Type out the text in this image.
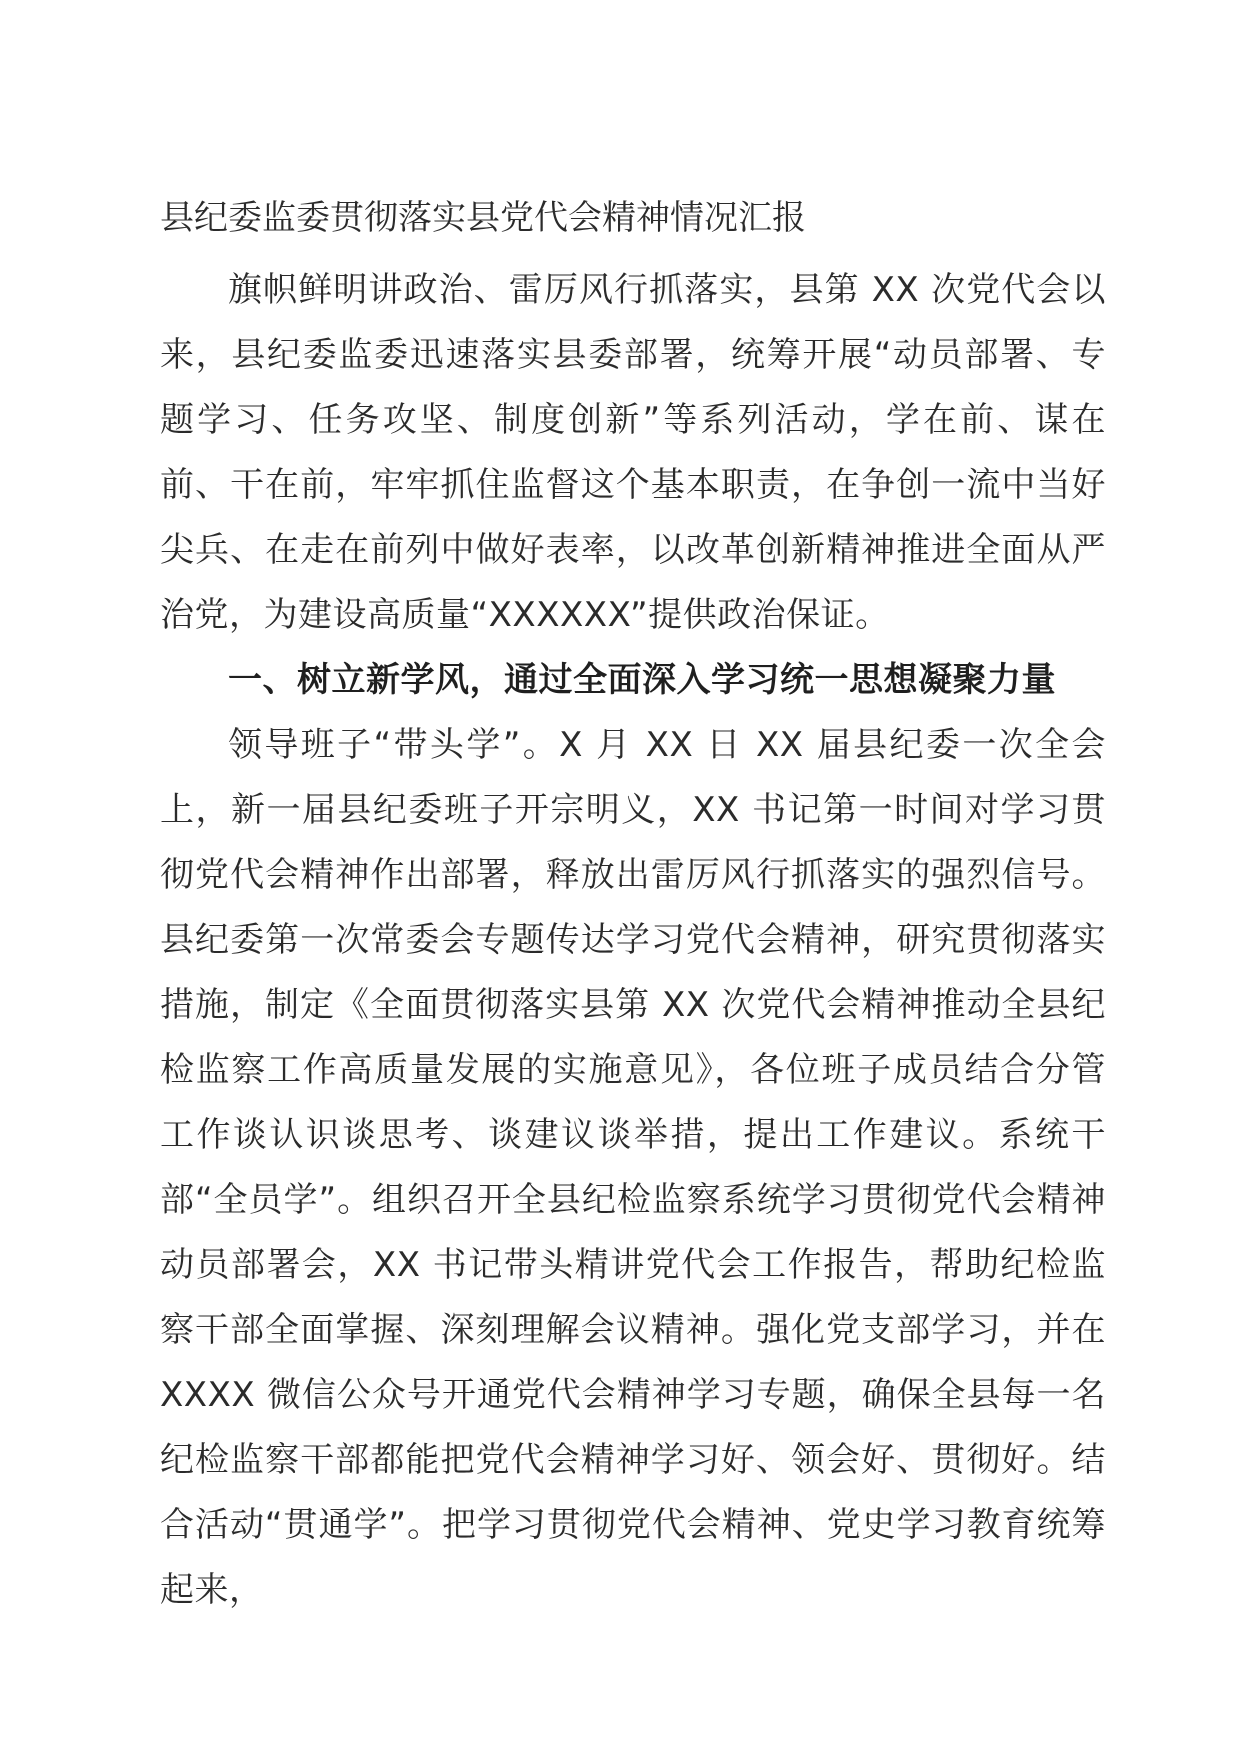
县纪委监委贯彻落实县党代会精神情况汇报

旗帜鲜明讲政治、雷厉风行抓落实，县第 XX 次党代会以来，县纪委监委迅速落实县委部署，统筹开展“动员部署、专题学习、任务攻坚、制度创新”等系列活动，学在前、谋在前、干在前，牢牢抓住监督这个基本职责，在争创一流中当好尖兵、在走在前列中做好表率，以改革创新精神推进全面从严治党，为建设高质量“XXXXXX”提供政治保证。

一、树立新学风，通过全面深入学习统一思想凝聚力量

领导班子“带头学”。X 月 XX 日 XX 届县纪委一次全会上，新一届县纪委班子开宗明义，XX 书记第一时间对学习贯彻党代会精神作出部署，释放出雷厉风行抓落实的强烈信号。县纪委第一次常委会专题传达学习党代会精神，研究贯彻落实措施，制定《全面贯彻落实县第 XX 次党代会精神推动全县纪检监察工作高质量发展的实施意见》，各位班子成员结合分管工作谈认识谈思考、谈建议谈举措，提出工作建议。系统干部“全员学”。组织召开全县纪检监察系统学习贯彻党代会精神动员部署会，XX 书记带头精讲党代会工作报告，帮助纪检监察干部全面掌握、深刻理解会议精神。强化党支部学习，并在 XXXX 微信公众号开通党代会精神学习专题，确保全县每一名纪检监察干部都能把党代会精神学习好、领会好、贯彻好。结合活动“贯通学”。把学习贯彻党代会精神、党史学习教育统筹起来，
